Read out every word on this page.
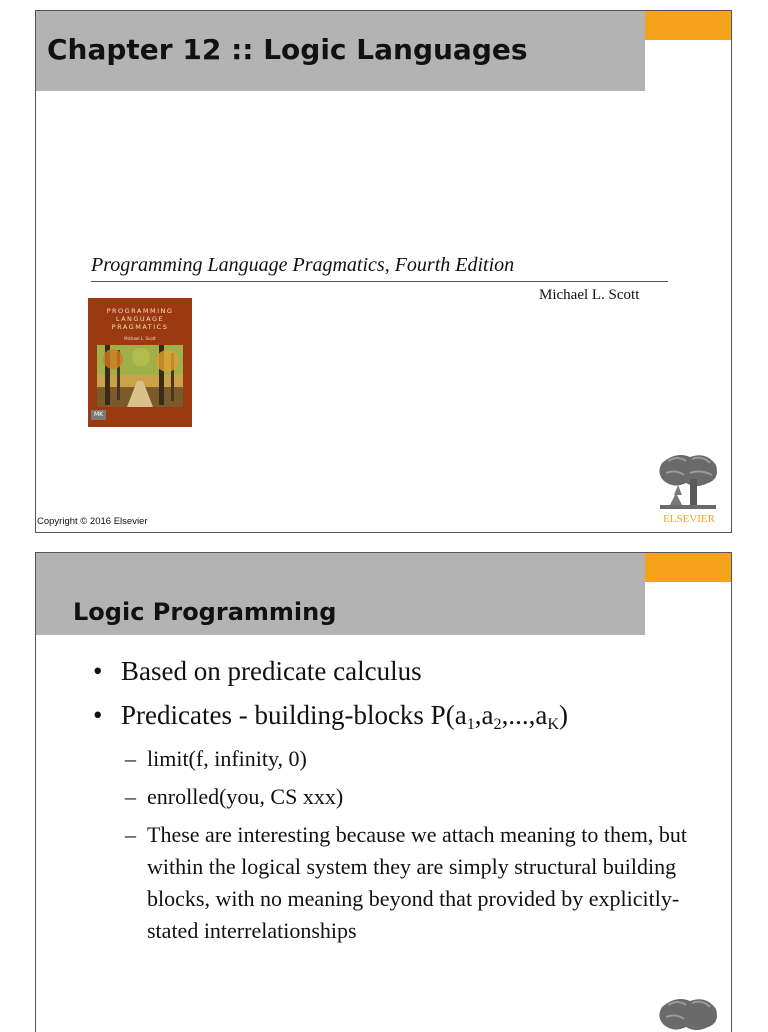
Chapter 12 :: Logic Languages
Programming Language Pragmatics, Fourth Edition
Michael L. Scott
PROGRAMMING
LANGUAGE
PRAGMATICS
Michael L. Scott
MK
ELSEVIER
Copyright © 2016 Elsevier
Logic Programming
• Based on predicate calculus
• Predicates - building-blocks $P(a_1,a_2,...,a_K)$
– limit(f, infinity, 0)
– enrolled(you, CS xxx)
– These are interesting because we attach meaning to them, but within the logical system they are simply structural building blocks, with no meaning beyond that provided by explicitly-stated interrelationships
